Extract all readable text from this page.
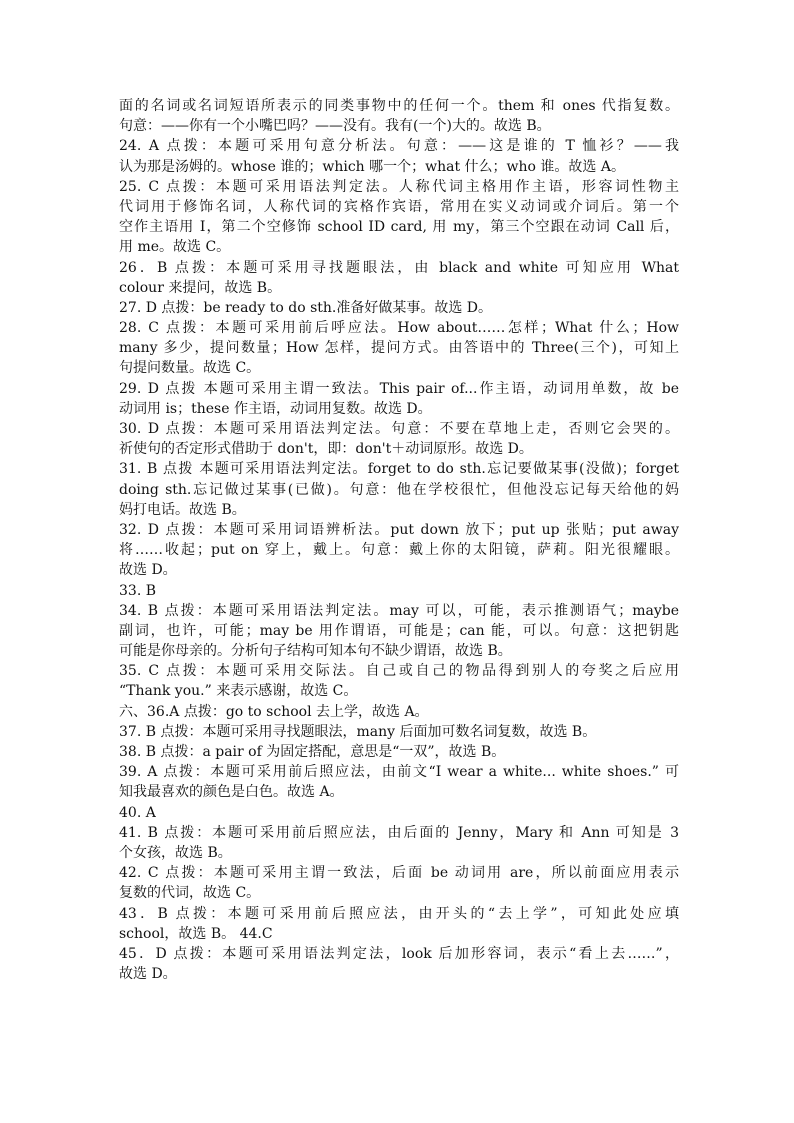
面的名词或名词短语所表示的同类事物中的任何一个。them 和 ones 代指复数。
句意：——你有一个小嘴巴吗？——没有。我有(一个)大的。故选 B。
24. A 点拨：本题可采用句意分析法。句意：——这是谁的 T 恤衫？——我
认为那是汤姆的。whose 谁的；which 哪一个；what 什么；who 谁。故选 A。
25. C 点拨：本题可采用语法判定法。人称代词主格用作主语，形容词性物主
代词用于修饰名词，人称代词的宾格作宾语，常用在实义动词或介词后。第一个
空作主语用 I，第二个空修饰 school ID card, 用 my，第三个空跟在动词 Call 后，
用 me。故选 C。
26．B 点拨：本题可采用寻找题眼法，由 black and white 可知应用 What
colour 来提问，故选 B。
27. D 点拨：be ready to do sth.准备好做某事。故选 D。
28. C 点拨：本题可采用前后呼应法。How about……怎样；What 什么；How
many 多少，提问数量；How 怎样，提问方式。由答语中的 Three(三个)，可知上
句提问数量。故选 C。
29. D 点拨 本题可采用主谓一致法。This pair of...作主语，动词用单数，故 be
动词用 is；these 作主语，动词用复数。故选 D。
30. D 点拨：本题可采用语法判定法。句意：不要在草地上走，否则它会哭的。
祈使句的否定形式借助于 don't，即：don't＋动词原形。故选 D。
31. B 点拨 本题可采用语法判定法。forget to do sth.忘记要做某事(没做)；forget
doing sth.忘记做过某事(已做)。句意：他在学校很忙，但他没忘记每天给他的妈
妈打电话。故选 B。
32. D 点拨：本题可采用词语辨析法。put down 放下；put up 张贴；put away
将……收起；put on 穿上，戴上。句意：戴上你的太阳镜，萨莉。阳光很耀眼。
故选 D。
33. B
34. B 点拨：本题可采用语法判定法。may 可以，可能，表示推测语气；maybe
副词，也许，可能；may be 用作谓语，可能是；can 能，可以。句意：这把钥匙
可能是你母亲的。分析句子结构可知本句不缺少谓语，故选 B。
35. C 点拨：本题可采用交际法。自己或自己的物品得到别人的夸奖之后应用
“Thank you.” 来表示感谢，故选 C。
六、36.A 点拨：go to school 去上学，故选 A。
37. B 点拨：本题可采用寻找题眼法，many 后面加可数名词复数，故选 B。
38. B 点拨：a pair of 为固定搭配，意思是“一双”，故选 B。
39. A 点拨：本题可采用前后照应法，由前文“I wear a white... white shoes.” 可
知我最喜欢的颜色是白色。故选 A。
40. A
41. B 点拨：本题可采用前后照应法，由后面的 Jenny，Mary 和 Ann 可知是 3
个女孩，故选 B。
42. C 点拨：本题可采用主谓一致法，后面 be 动词用 are，所以前面应用表示
复数的代词，故选 C。
43．B 点拨：本题可采用前后照应法，由开头的“去上学”，可知此处应填
school，故选 B。 44.C
45．D 点拨：本题可采用语法判定法，look 后加形容词，表示“看上去……”，
故选 D。
